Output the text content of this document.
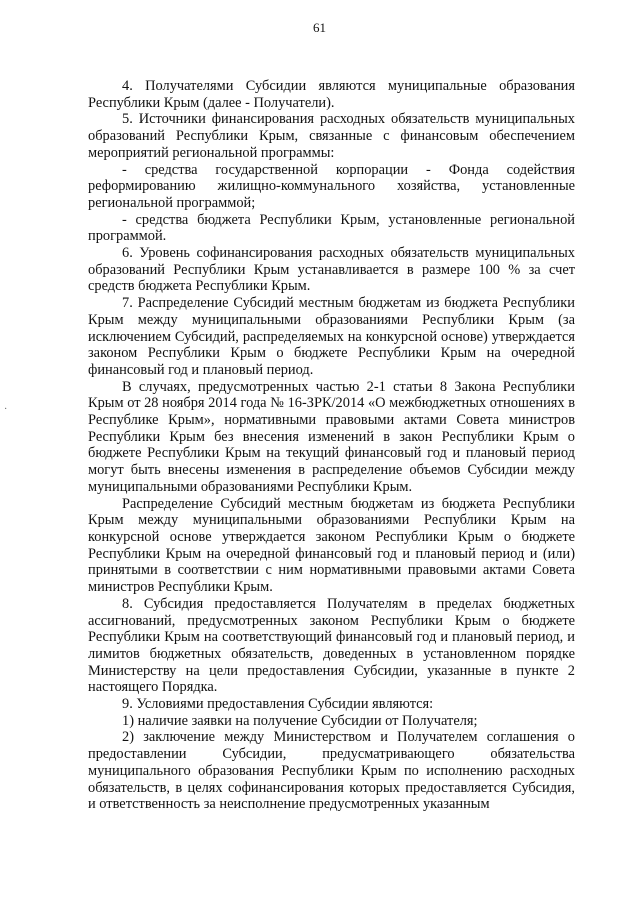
61
·

4. Получателями Субсидии являются муниципальные образования Республики Крым (далее - Получатели).

5. Источники финансирования расходных обязательств муниципальных образований Республики Крым, связанные с финансовым обеспечением мероприятий региональной программы:

- средства государственной корпорации - Фонда содействия реформированию жилищно-коммунального хозяйства, установленные региональной программой;

- средства бюджета Республики Крым, установленные региональной программой.

6. Уровень софинансирования расходных обязательств муниципальных образований Республики Крым устанавливается в размере 100 % за счет средств бюджета Республики Крым.

7. Распределение Субсидий местным бюджетам из бюджета Республики Крым между муниципальными образованиями Республики Крым (за исключением Субсидий, распределяемых на конкурсной основе) утверждается законом Республики Крым о бюджете Республики Крым на очередной финансовый год и плановый период.

В случаях, предусмотренных частью 2-1 статьи 8 Закона Республики Крым от 28 ноября 2014 года № 16-ЗРК/2014 «О межбюджетных отношениях в Республике Крым», нормативными правовыми актами Совета министров Республики Крым без внесения изменений в закон Республики Крым о бюджете Республики Крым на текущий финансовый год и плановый период могут быть внесены изменения в распределение объемов Субсидии между муниципальными образованиями Республики Крым.

Распределение Субсидий местным бюджетам из бюджета Республики Крым между муниципальными образованиями Республики Крым на конкурсной основе утверждается законом Республики Крым о бюджете Республики Крым на очередной финансовый год и плановый период и (или) принятыми в соответствии с ним нормативными правовыми актами Совета министров Республики Крым.

8. Субсидия предоставляется Получателям в пределах бюджетных ассигнований, предусмотренных законом Республики Крым о бюджете Республики Крым на соответствующий финансовый год и плановый период, и лимитов бюджетных обязательств, доведенных в установленном порядке Министерству на цели предоставления Субсидии, указанные в пункте 2 настоящего Порядка.

9. Условиями предоставления Субсидии являются:

1) наличие заявки на получение Субсидии от Получателя;

2) заключение между Министерством и Получателем соглашения о предоставлении Субсидии, предусматривающего обязательства муниципального образования Республики Крым по исполнению расходных обязательств, в целях софинансирования которых предоставляется Субсидия, и ответственность за неисполнение предусмотренных указанным
